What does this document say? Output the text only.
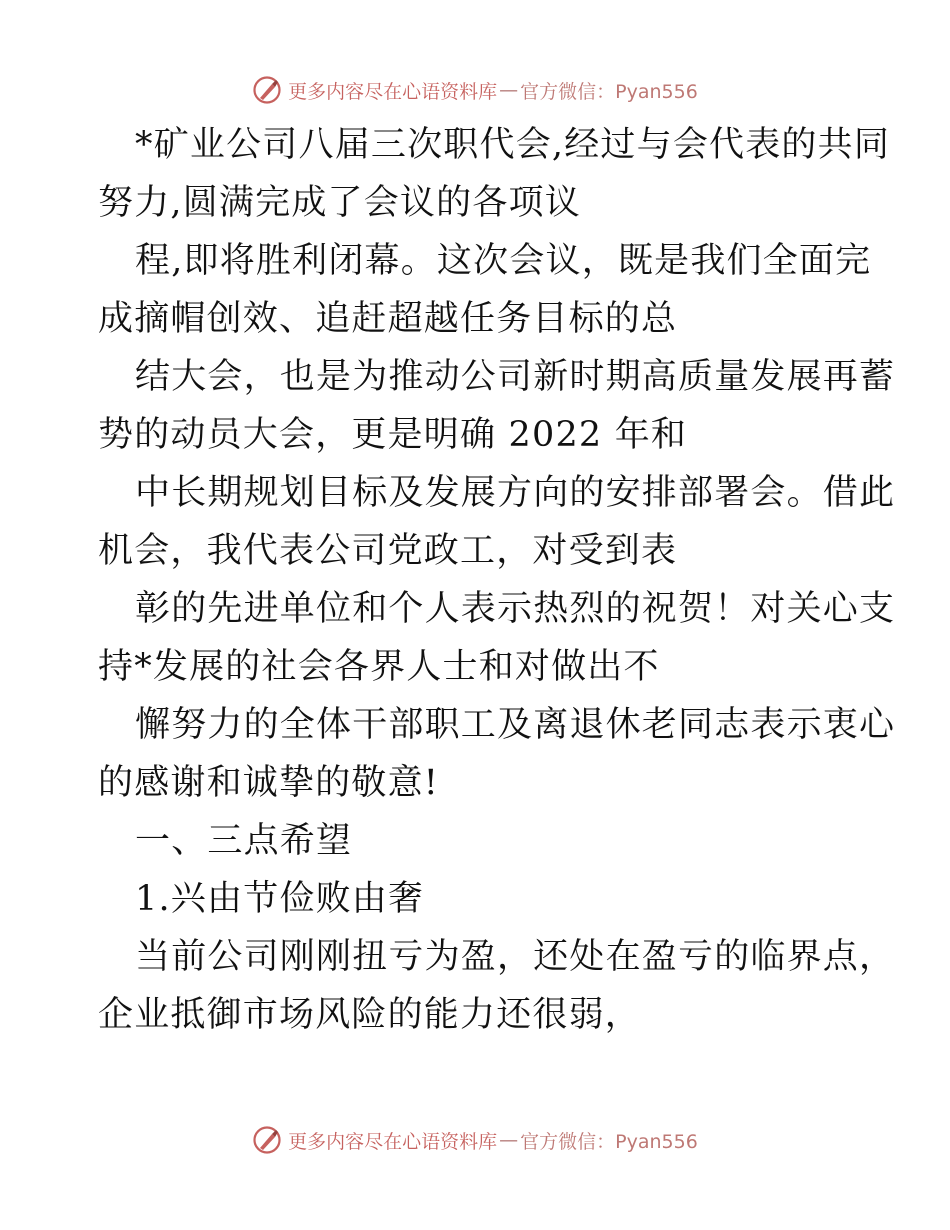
更多内容尽在心语资料库 — 官方微信：Pyan556
*矿业公司八届三次职代会,经过与会代表的共同
努力,圆满完成了会议的各项议
程,即将胜利闭幕。这次会议，既是我们全面完
成摘帽创效、追赶超越任务目标的总
结大会，也是为推动公司新时期高质量发展再蓄
势的动员大会，更是明确 2022 年和
中长期规划目标及发展方向的安排部署会。借此
机会，我代表公司党政工，对受到表
彰的先进单位和个人表示热烈的祝贺！对关心支
持*发展的社会各界人士和对做出不
懈努力的全体干部职工及离退休老同志表示衷心
的感谢和诚挚的敬意!
一、三点希望
1.兴由节俭败由奢
当前公司刚刚扭亏为盈，还处在盈亏的临界点，
企业抵御市场风险的能力还很弱，
更多内容尽在心语资料库 — 官方微信：Pyan556
